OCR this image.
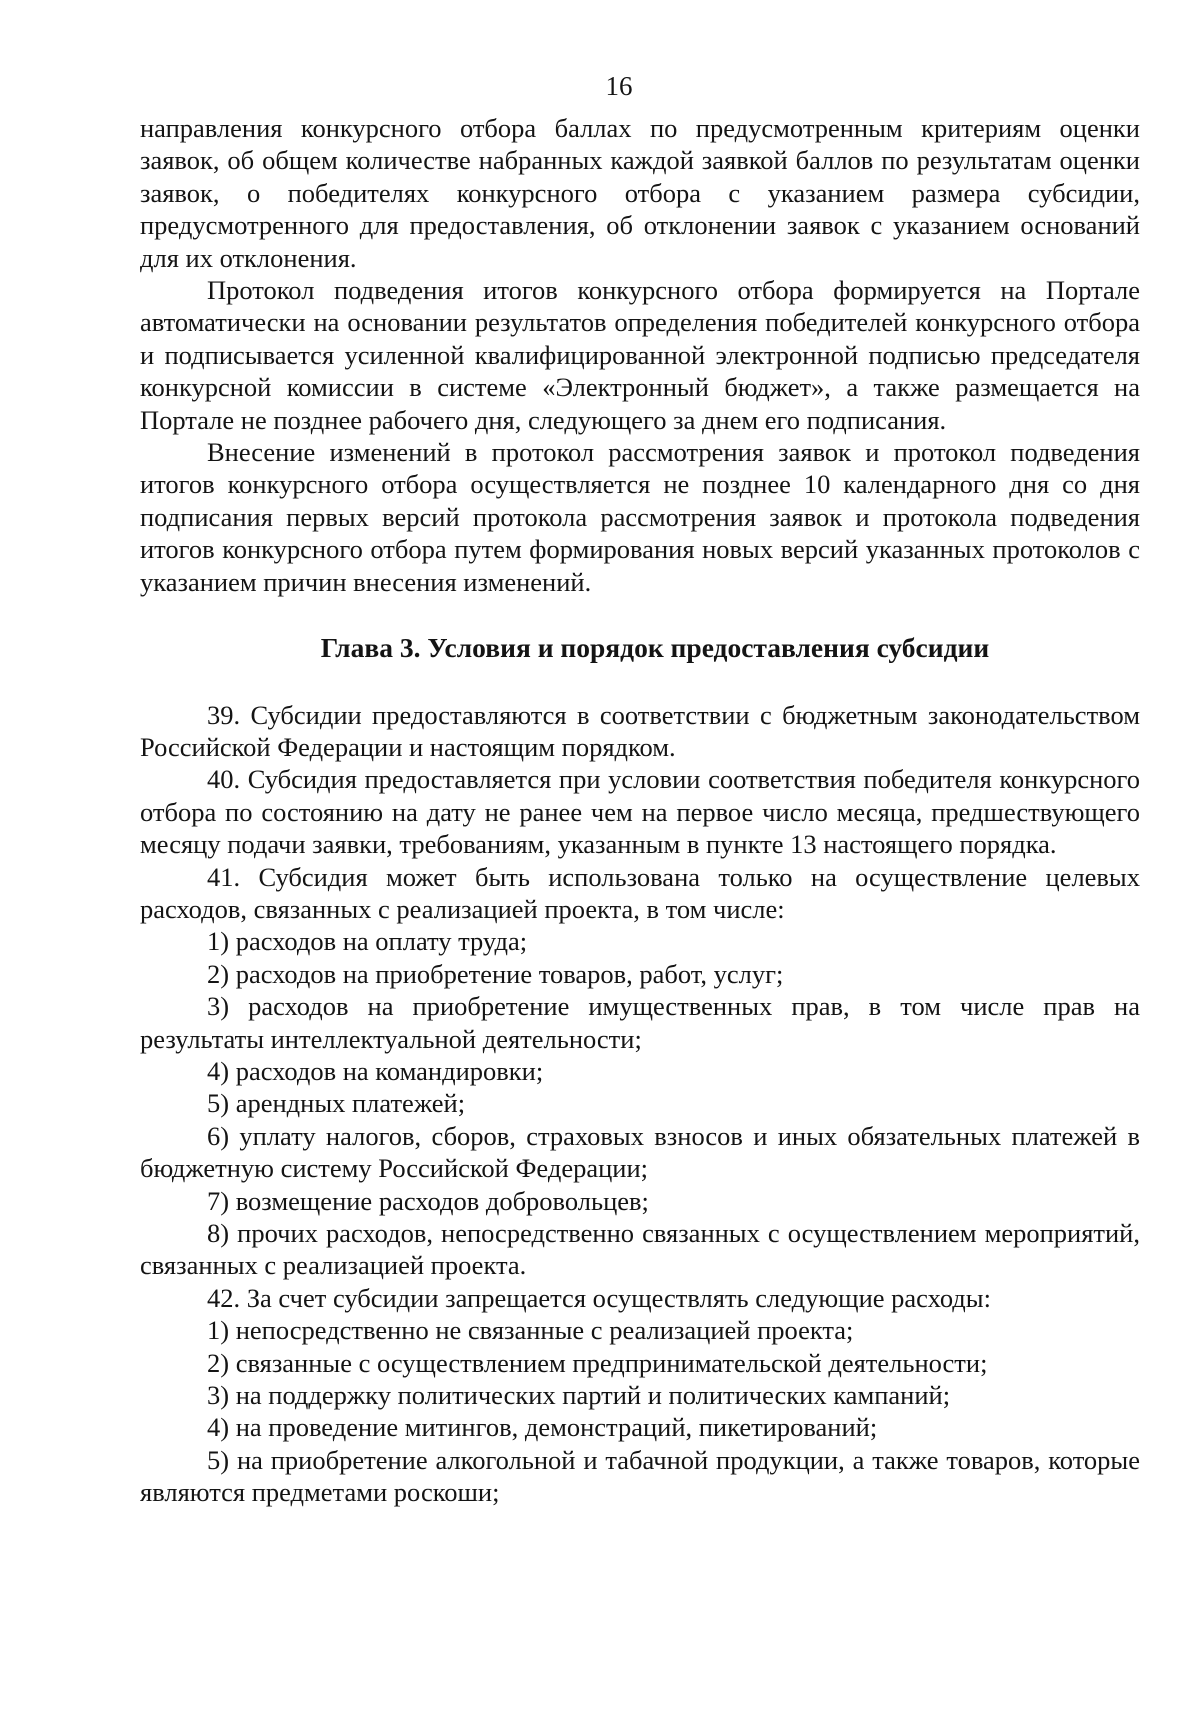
16

направления конкурсного отбора баллах по предусмотренным критериям оценки заявок, об общем количестве набранных каждой заявкой баллов по результатам оценки заявок, о победителях конкурсного отбора с указанием размера субсидии, предусмотренного для предоставления, об отклонении заявок с указанием оснований для их отклонения.

Протокол подведения итогов конкурсного отбора формируется на Портале автоматически на основании результатов определения победителей конкурсного отбора и подписывается усиленной квалифицированной электронной подписью председателя конкурсной комиссии в системе «Электронный бюджет», а также размещается на Портале не позднее рабочего дня, следующего за днем его подписания.

Внесение изменений в протокол рассмотрения заявок и протокол подведения итогов конкурсного отбора осуществляется не позднее 10 календарного дня со дня подписания первых версий протокола рассмотрения заявок и протокола подведения итогов конкурсного отбора путем формирования новых версий указанных протоколов с указанием причин внесения изменений.

Глава 3. Условия и порядок предоставления субсидии

39. Субсидии предоставляются в соответствии с бюджетным законодательством Российской Федерации и настоящим порядком.

40. Субсидия предоставляется при условии соответствия победителя конкурсного отбора по состоянию на дату не ранее чем на первое число месяца, предшествующего месяцу подачи заявки, требованиям, указанным в пункте 13 настоящего порядка.

41. Субсидия может быть использована только на осуществление целевых расходов, связанных с реализацией проекта, в том числе:

1) расходов на оплату труда;

2) расходов на приобретение товаров, работ, услуг;

3) расходов на приобретение имущественных прав, в том числе прав на результаты интеллектуальной деятельности;

4) расходов на командировки;

5) арендных платежей;

6) уплату налогов, сборов, страховых взносов и иных обязательных платежей в бюджетную систему Российской Федерации;

7) возмещение расходов добровольцев;

8) прочих расходов, непосредственно связанных с осуществлением мероприятий, связанных с реализацией проекта.

42. За счет субсидии запрещается осуществлять следующие расходы:

1) непосредственно не связанные с реализацией проекта;

2) связанные с осуществлением предпринимательской деятельности;

3) на поддержку политических партий и политических кампаний;

4) на проведение митингов, демонстраций, пикетирований;

5) на приобретение алкогольной и табачной продукции, а также товаров, которые являются предметами роскоши;
